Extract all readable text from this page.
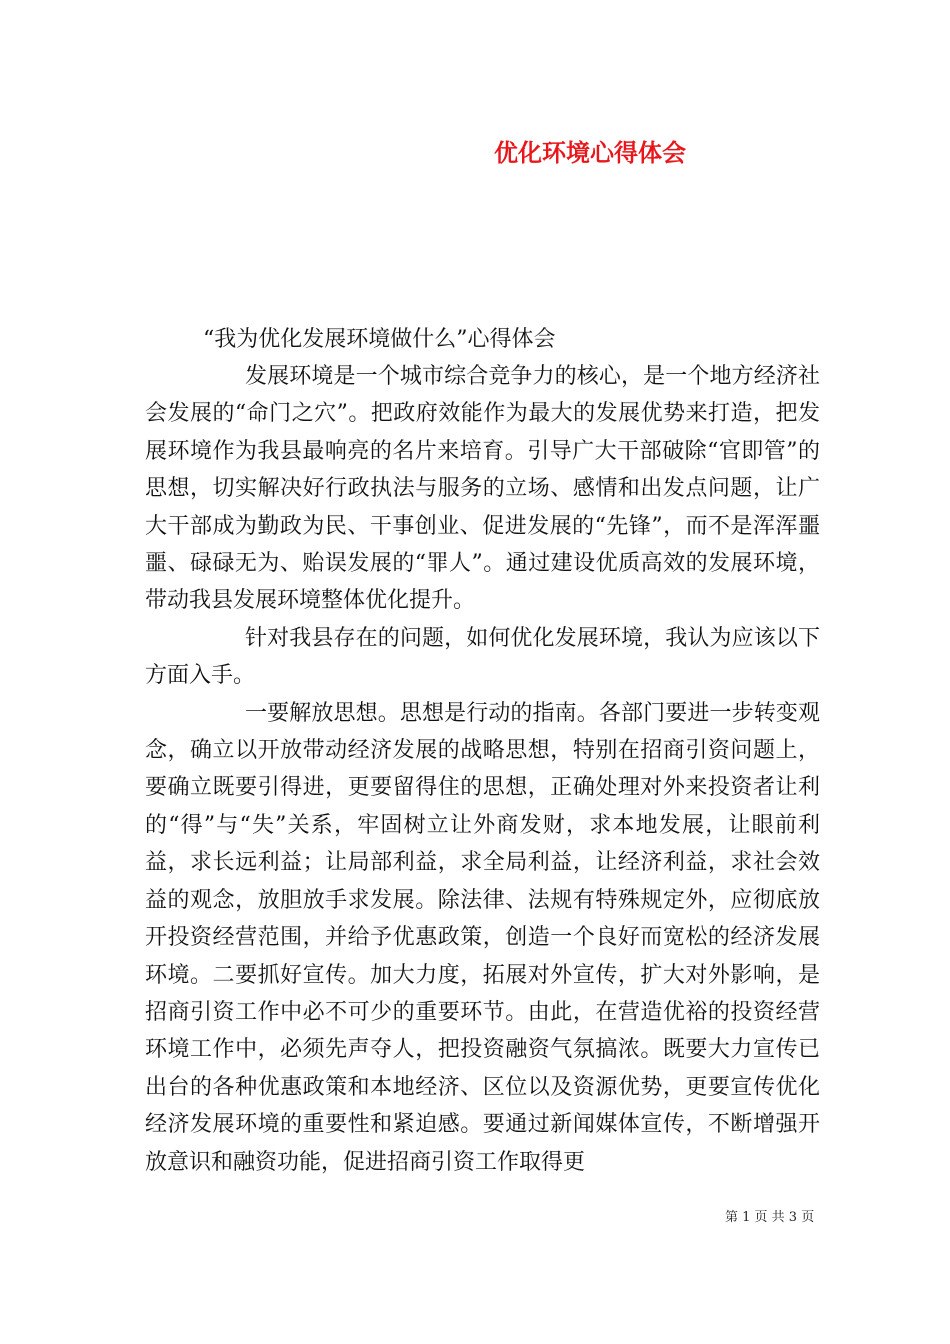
优化环境心得体会
“我为优化发展环境做什么”心得体会

发展环境是一个城市综合竞争力的核心，是一个地方经济社会发展的“命门之穴”。把政府效能作为最大的发展优势来打造，把发展环境作为我县最响亮的名片来培育。引导广大干部破除“官即管”的思想，切实解决好行政执法与服务的立场、感情和出发点问题，让广大干部成为勤政为民、干事创业、促进发展的“先锋”，而不是浑浑噩噩、碌碌无为、贻误发展的“罪人”。通过建设优质高效的发展环境，带动我县发展环境整体优化提升。

针对我县存在的问题，如何优化发展环境，我认为应该以下方面入手。

一要解放思想。思想是行动的指南。各部门要进一步转变观念，确立以开放带动经济发展的战略思想，特别在招商引资问题上，要确立既要引得进，更要留得住的思想，正确处理对外来投资者让利的“得”与“失”关系，牢固树立让外商发财，求本地发展，让眼前利益，求长远利益；让局部利益，求全局利益，让经济利益，求社会效益的观念，放胆放手求发展。除法律、法规有特殊规定外，应彻底放开投资经营范围，并给予优惠政策，创造一个良好而宽松的经济发展环境。二要抓好宣传。加大力度，拓展对外宣传，扩大对外影响，是招商引资工作中必不可少的重要环节。由此，在营造优裕的投资经营环境工作中，必须先声夺人，把投资融资气氛搞浓。既要大力宣传已出台的各种优惠政策和本地经济、区位以及资源优势，更要宣传优化经济发展环境的重要性和紧迫感。要通过新闻媒体宣传，不断增强开放意识和融资功能，促进招商引资工作取得更

第 1 页 共 3 页
